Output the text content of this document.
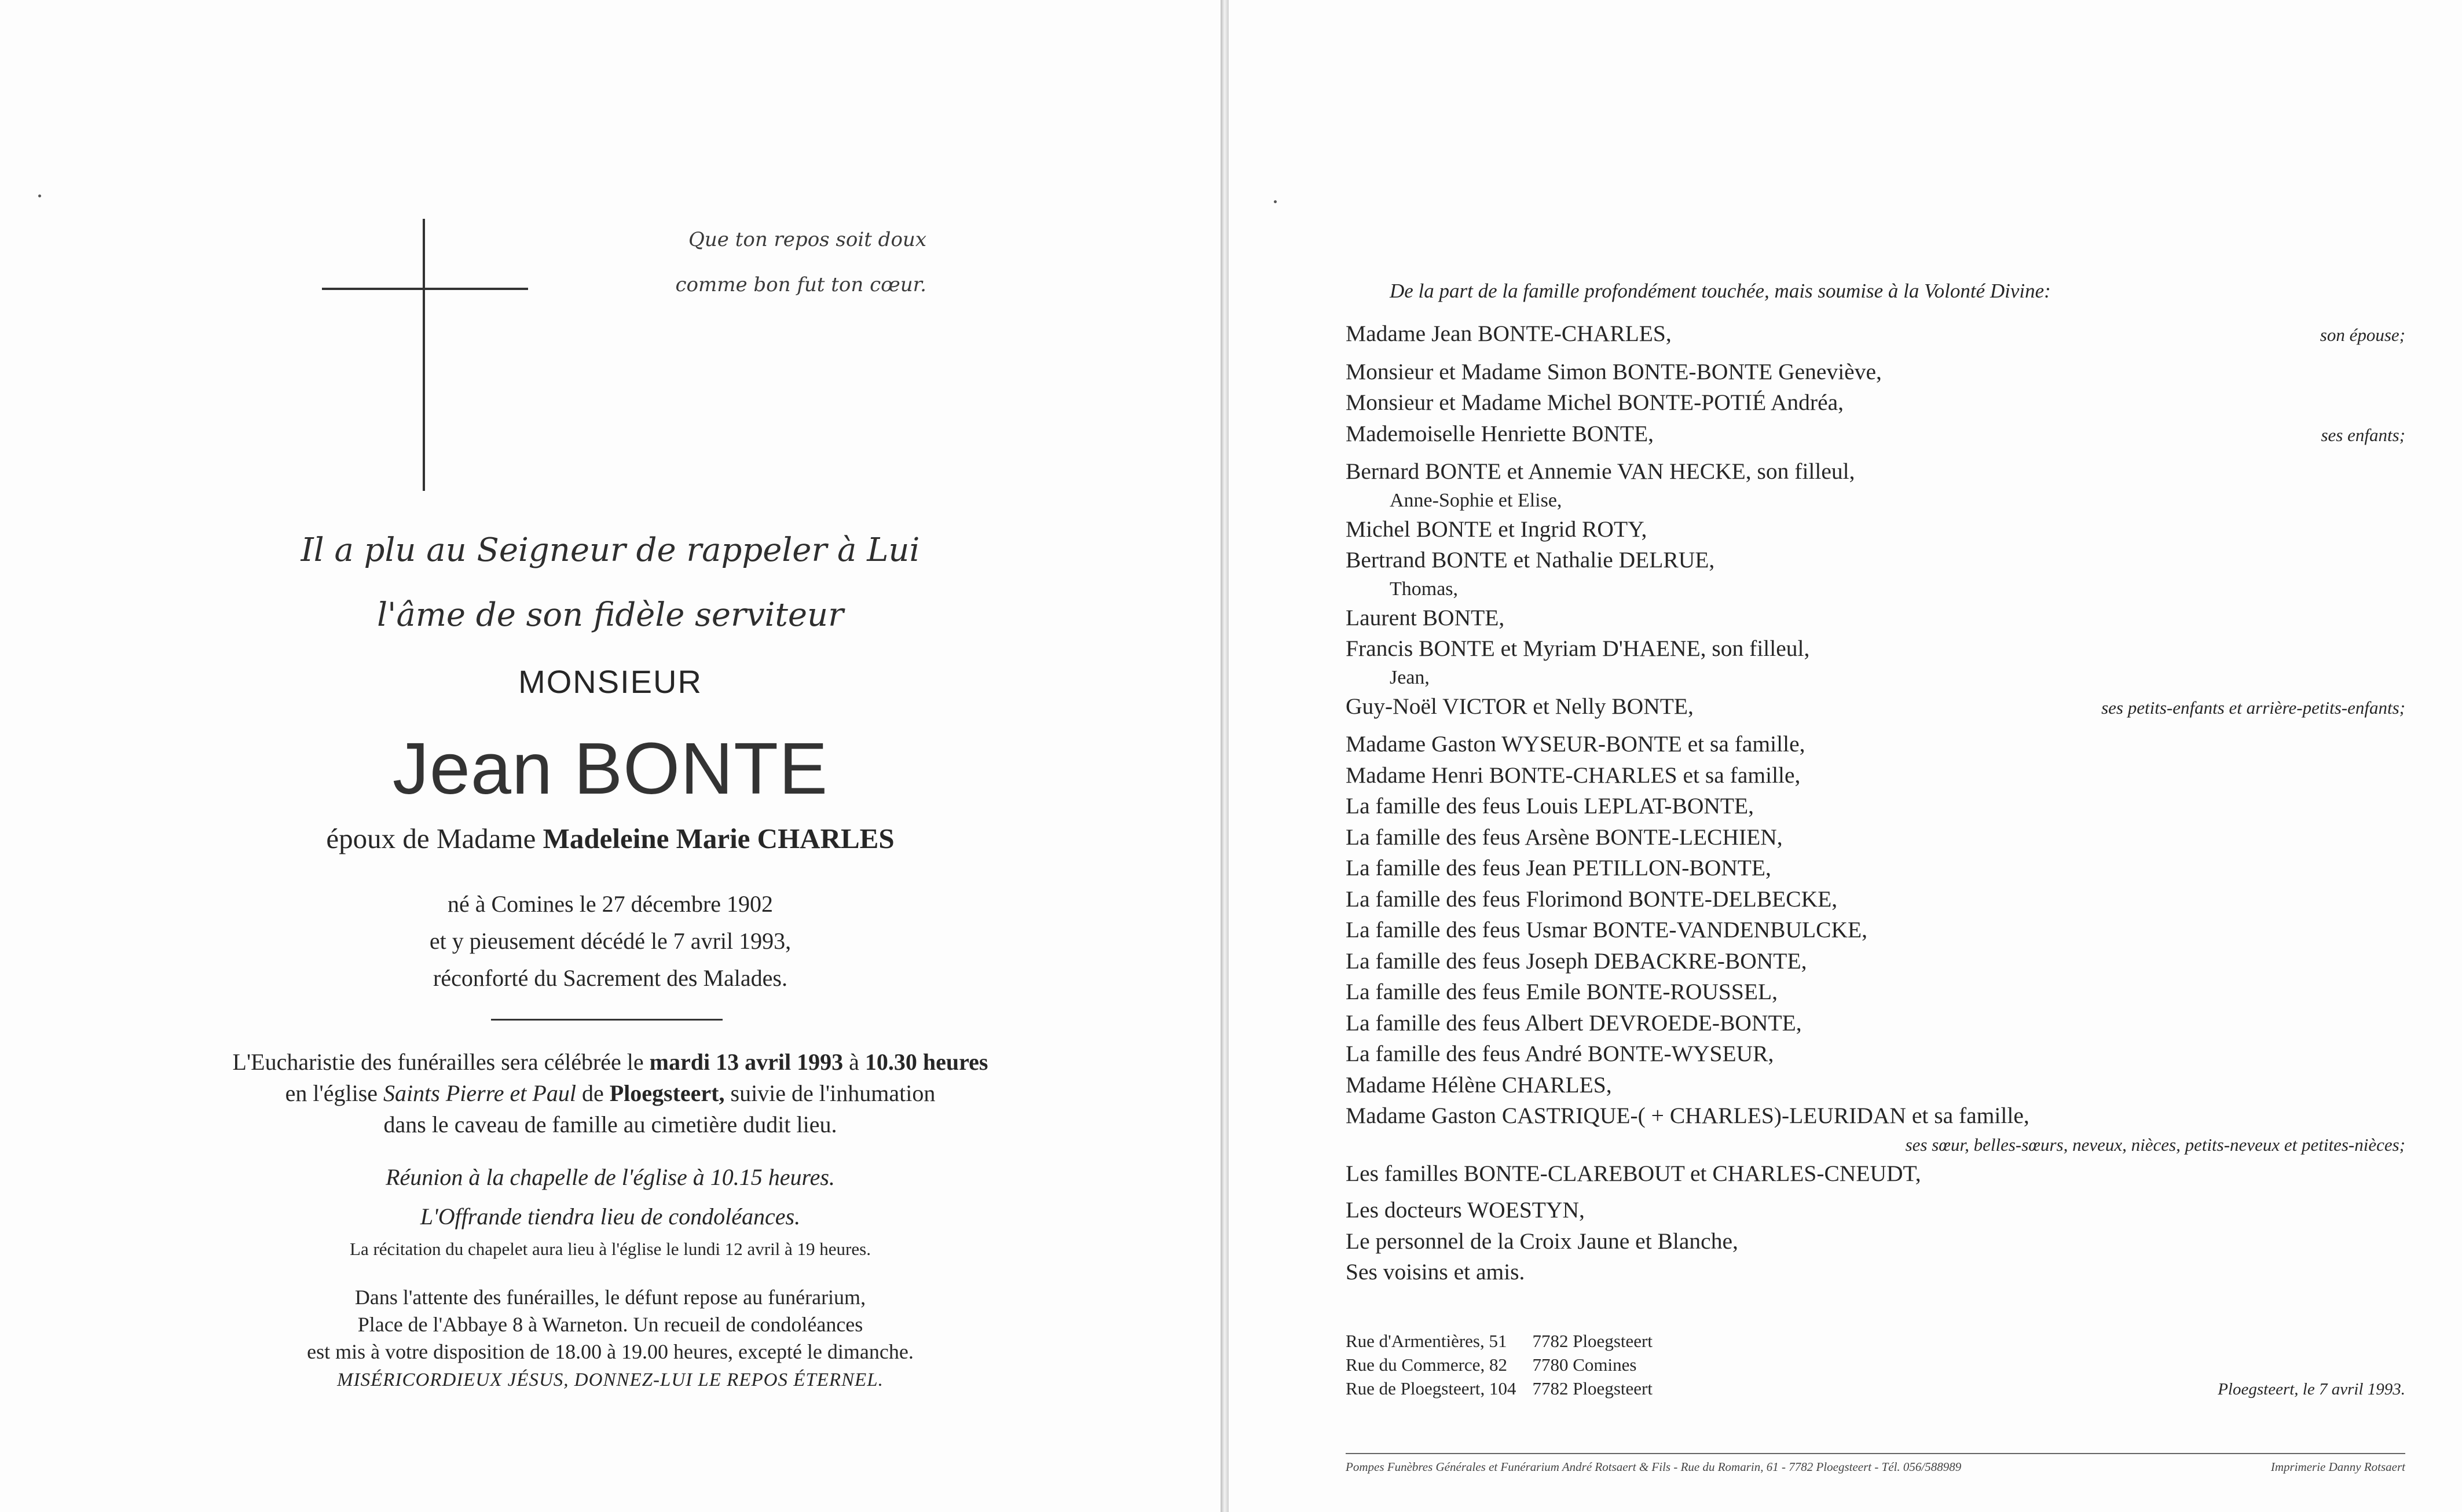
Que ton repos soit doux
comme bon fut ton cœur.
Il a plu au Seigneur de rappeler à Lui
l'âme de son fidèle serviteur
MONSIEUR
Jean BONTE
époux de Madame Madeleine Marie CHARLES
né à Comines le 27 décembre 1902
et y pieusement décédé le 7 avril 1993,
réconforté du Sacrement des Malades.
L'Eucharistie des funérailles sera célébrée le mardi 13 avril 1993 à 10.30 heures
en l'église Saints Pierre et Paul de Ploegsteert, suivie de l'inhumation
dans le caveau de famille au cimetière dudit lieu.
Réunion à la chapelle de l'église à 10.15 heures.
L'Offrande tiendra lieu de condoléances.
La récitation du chapelet aura lieu à l'église le lundi 12 avril à 19 heures.
Dans l'attente des funérailles, le défunt repose au funérarium,
Place de l'Abbaye 8 à Warneton. Un recueil de condoléances
est mis à votre disposition de 18.00 à 19.00 heures, excepté le dimanche.
MISÉRICORDIEUX JÉSUS, DONNEZ-LUI LE REPOS ÉTERNEL.
De la part de la famille profondément touchée, mais soumise à la Volonté Divine:
Madame Jean BONTE-CHARLES,	son épouse;
Monsieur et Madame Simon BONTE-BONTE Geneviève,
Monsieur et Madame Michel BONTE-POTIÉ Andréa,
Mademoiselle Henriette BONTE,	ses enfants;
Bernard BONTE et Annemie VAN HECKE, son filleul,
Anne-Sophie et Elise,
Michel BONTE et Ingrid ROTY,
Bertrand BONTE et Nathalie DELRUE,
Thomas,
Laurent BONTE,
Francis BONTE et Myriam D'HAENE, son filleul,
Jean,
Guy-Noël VICTOR et Nelly BONTE,	ses petits-enfants et arrière-petits-enfants;
Madame Gaston WYSEUR-BONTE et sa famille,
Madame Henri BONTE-CHARLES et sa famille,
La famille des feus Louis LEPLAT-BONTE,
La famille des feus Arsène BONTE-LECHIEN,
La famille des feus Jean PETILLON-BONTE,
La famille des feus Florimond BONTE-DELBECKE,
La famille des feus Usmar BONTE-VANDENBULCKE,
La famille des feus Joseph DEBACKRE-BONTE,
La famille des feus Emile BONTE-ROUSSEL,
La famille des feus Albert DEVROEDE-BONTE,
La famille des feus André BONTE-WYSEUR,
Madame Hélène CHARLES,
Madame Gaston CASTRIQUE-( + CHARLES)-LEURIDAN et sa famille,
ses sœur, belles-sœurs, neveux, nièces, petits-neveux et petites-nièces;
Les familles BONTE-CLAREBOUT et CHARLES-CNEUDT,
Les docteurs WOESTYN,
Le personnel de la Croix Jaune et Blanche,
Ses voisins et amis.
Rue d'Armentières, 51	7782 Ploegsteert
Rue du Commerce, 82	7780 Comines
Rue de Ploegsteert, 104	7782 Ploegsteert	Ploegsteert, le 7 avril 1993.
Pompes Funèbres Générales et Funérarium André Rotsaert & Fils - Rue du Romarin, 61 - 7782 Ploegsteert - Tél. 056/588989	Imprimerie Danny Rotsaert
